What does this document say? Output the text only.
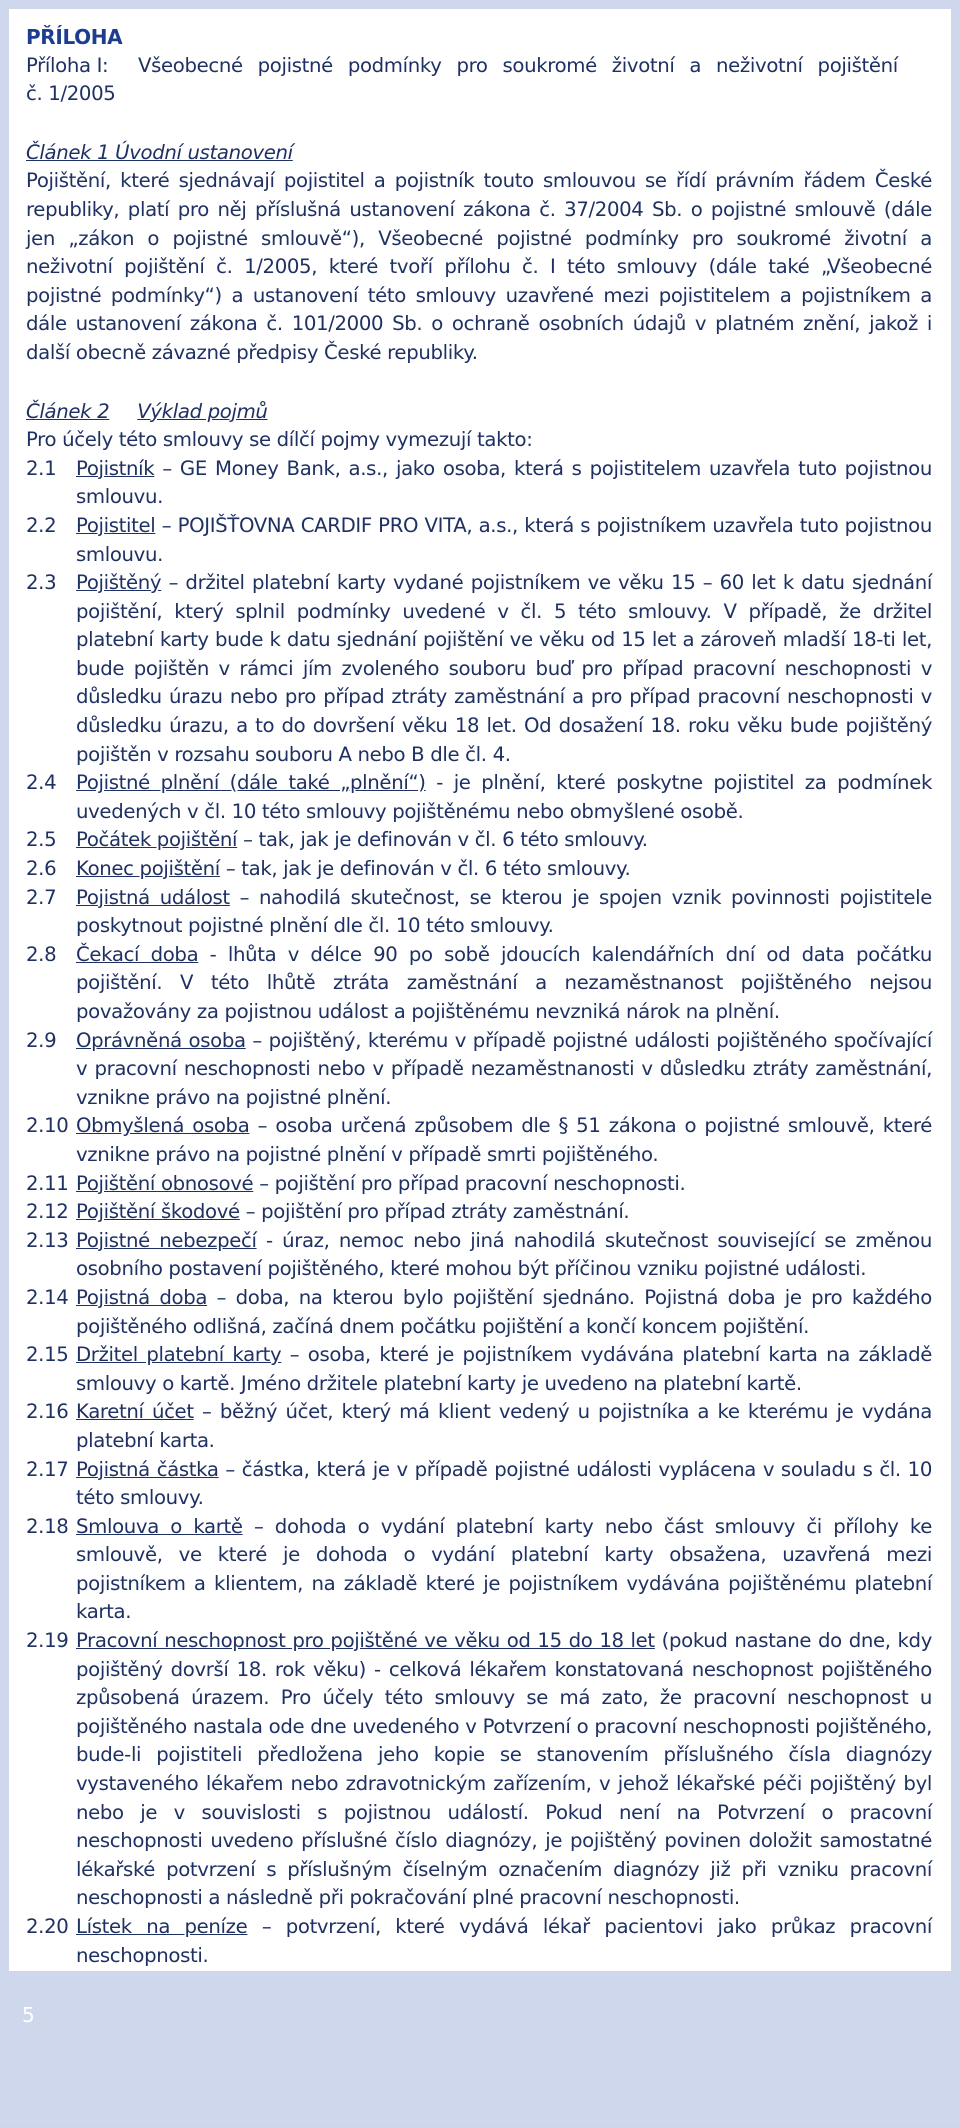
PŘÍLOHA
Příloha I:	Všeobecné pojistné podmínky pro soukromé životní a neživotní pojištění
č. 1/2005
Článek 1 Úvodní ustanovení

Pojištění, které sjednávají pojistitel a pojistník touto smlouvou se řídí právním řádem České republiky, platí pro něj příslušná ustanovení zákona č. 37/2004 Sb. o pojistné smlouvě (dále jen „zákon o pojistné smlouvě“), Všeobecné pojistné podmínky pro soukromé životní a neživotní pojištění č. 1/2005, které tvoří přílohu č. I této smlouvy (dále také „Všeobecné pojistné podmínky“) a ustanovení této smlouvy uzavřené mezi pojistitelem a pojistníkem a dále ustanovení zákona č. 101/2000 Sb. o ochraně osobních údajů v platném znění, jakož i další obecně závazné předpisy České republiky.

Článek 2 Výklad pojmů

Pro účely této smlouvy se dílčí pojmy vymezují takto:

2.1	Pojistník – GE Money Bank, a.s., jako osoba, která s pojistitelem uzavřela tuto pojistnou smlouvu.
2.2	Pojistitel – POJIŠŤOVNA CARDIF PRO VITA, a.s., která s pojistníkem uzavřela tuto pojistnou smlouvu.
2.3	Pojištěný – držitel platební karty vydané pojistníkem ve věku 15 – 60 let k datu sjednání pojištění, který splnil podmínky uvedené v čl. 5 této smlouvy. V případě, že držitel platební karty bude k datu sjednání pojištění ve věku od 15 let a zároveň mladší 18-ti let, bude pojištěn v rámci jím zvoleného souboru buď pro případ pracovní neschopnosti v důsledku úrazu nebo pro případ ztráty zaměstnání a pro případ pracovní neschopnosti v důsledku úrazu, a to do dovršení věku 18 let. Od dosažení 18. roku věku bude pojištěný pojištěn v rozsahu souboru A nebo B dle čl. 4.
2.4	Pojistné plnění (dále také „plnění“) - je plnění, které poskytne pojistitel za podmínek uvedených v čl. 10 této smlouvy pojištěnému nebo obmyšlené osobě.
2.5	Počátek pojištění – tak, jak je definován v čl. 6 této smlouvy.
2.6	Konec pojištění – tak, jak je definován v čl. 6 této smlouvy.
2.7	Pojistná událost – nahodilá skutečnost, se kterou je spojen vznik povinnosti pojistitele poskytnout pojistné plnění dle čl. 10 této smlouvy.
2.8	Čekací doba - lhůta v délce 90 po sobě jdoucích kalendářních dní od data počátku pojištění. V této lhůtě ztráta zaměstnání a nezaměstnanost pojištěného nejsou považovány za pojistnou událost a pojištěnému nevzniká nárok na plnění.
2.9	Oprávněná osoba – pojištěný, kterému v případě pojistné události pojištěného spočívající v pracovní neschopnosti nebo v případě nezaměstnanosti v důsledku ztráty zaměstnání, vznikne právo na pojistné plnění.
2.10 Obmyšlená osoba – osoba určená způsobem dle § 51 zákona o pojistné smlouvě, které vznikne právo na pojistné plnění v případě smrti pojištěného.
2.11 Pojištění obnosové – pojištění pro případ pracovní neschopnosti.
2.12 Pojištění škodové – pojištění pro případ ztráty zaměstnání.
2.13 Pojistné nebezpečí - úraz, nemoc nebo jiná nahodilá skutečnost související se změnou osobního postavení pojištěného, které mohou být příčinou vzniku pojistné události.
2.14 Pojistná doba – doba, na kterou bylo pojištění sjednáno. Pojistná doba je pro každého pojištěného odlišná, začíná dnem počátku pojištění a končí koncem pojištění.
2.15 Držitel platební karty – osoba, které je pojistníkem vydávána platební karta na základě smlouvy o kartě. Jméno držitele platební karty je uvedeno na platební kartě.
2.16 Karetní účet – běžný účet, který má klient vedený u pojistníka a ke kterému je vydána platební karta.
2.17 Pojistná částka – částka, která je v případě pojistné události vyplácena v souladu s čl. 10 této smlouvy.
2.18 Smlouva o kartě – dohoda o vydání platební karty nebo část smlouvy či přílohy ke smlouvě, ve které je dohoda o vydání platební karty obsažena, uzavřená mezi pojistníkem a klientem, na základě které je pojistníkem vydávána pojištěnému platební karta.
2.19 Pracovní neschopnost pro pojištěné ve věku od 15 do 18 let (pokud nastane do dne, kdy pojištěný dovrší 18. rok věku) - celková lékařem konstatovaná neschopnost pojištěného způsobená úrazem. Pro účely této smlouvy se má zato, že pracovní neschopnost u pojištěného nastala ode dne uvedeného v Potvrzení o pracovní neschopnosti pojištěného, bude-li pojistiteli předložena jeho kopie se stanovením příslušného čísla diagnózy vystaveného lékařem nebo zdravotnickým zařízením, v jehož lékařské péči pojištěný byl nebo je v souvislosti s pojistnou událostí. Pokud není na Potvrzení o pracovní neschopnosti uvedeno příslušné číslo diagnózy, je pojištěný povinen doložit samostatné lékařské potvrzení s příslušným číselným označením diagnózy již při vzniku pracovní neschopnosti a následně při pokračování plné pracovní neschopnosti.
2.20 Lístek na peníze – potvrzení, které vydává lékař pacientovi jako průkaz pracovní neschopnosti.
5
